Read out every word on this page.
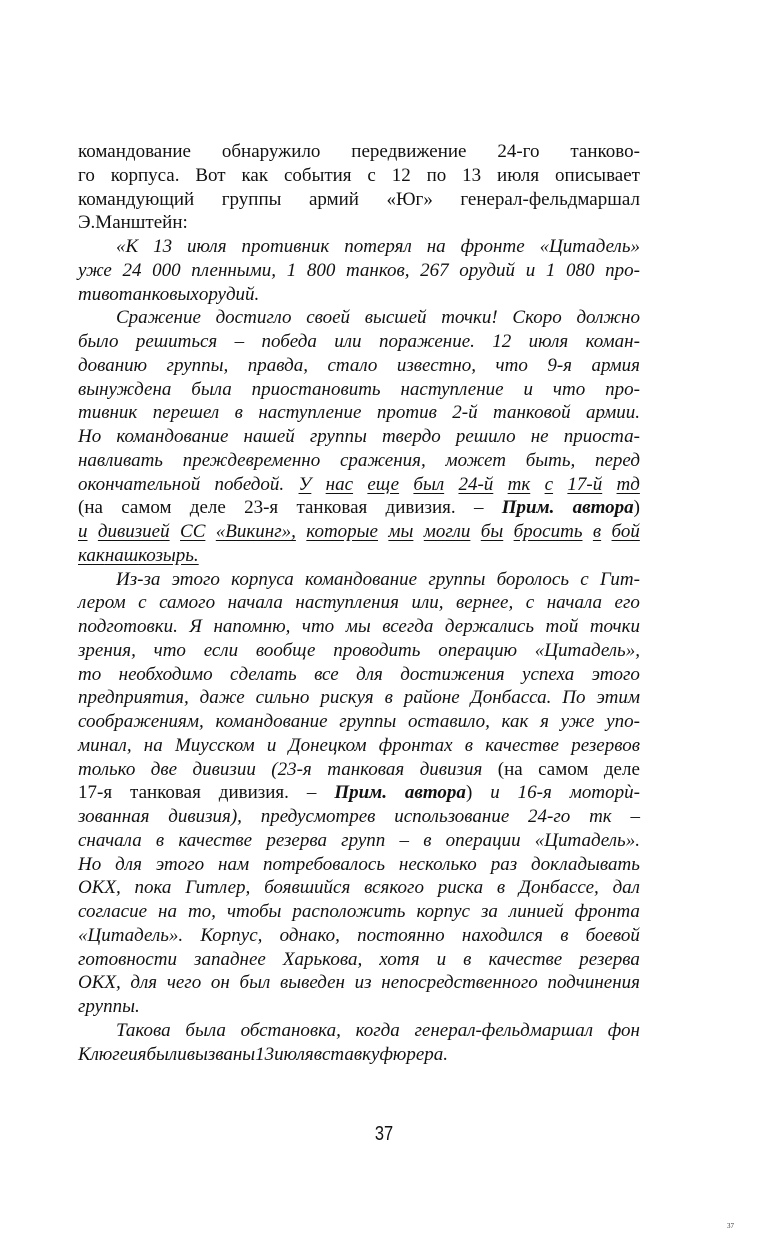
командование обнаружило передвижение 24-го танково-
го корпуса. Вот как события с 12 по 13 июля описывает
командующий группы армий «Юг» генерал-фельдмаршал
Э. Манштейн:
«К 13 июля противник потерял на фронте «Цитадель»
уже 24 000 пленными, 1 800 танков, 267 орудий и 1 080 про-
тивотанковых орудий.
Сражение достигло своей высшей точки! Скоро должно
было решиться – победа или поражение. 12 июля коман-
дованию группы, правда, стало известно, что 9-я армия
вынуждена была приостановить наступление и что про-
тивник перешел в наступление против 2-й танковой армии.
Но командование нашей группы твердо решило не приоста-
навливать преждевременно сражения, может быть, перед
окончательной победой. У нас еще был 24-й тк с 17-й тд
(на самом деле 23-я танковая дивизия. – Прим. автора)
и дивизией СС «Викинг», которые мы могли бы бросить в бой
как наш козырь.
Из-за этого корпуса командование группы боролось с Гит-
лером с самого начала наступления или, вернее, с начала его
подготовки. Я напомню, что мы всегда держались той точки
зрения, что если вообще проводить операцию «Цитадель»,
то необходимо сделать все для достижения успеха этого
предприятия, даже сильно рискуя в районе Донбасса. По этим
соображениям, командование группы оставило, как я уже упо-
минал, на Миусском и Донецком фронтах в качестве резервов
только две дивизии (23-я танковая дивизия (на самом деле
17-я танковая дивизия. – Прим. автора) и 16-я моторѝ-
зованная дивизия), предусмотрев использование 24-го тк –
сначала в качестве резерва групп – в операции «Цитадель».
Но для этого нам потребовалось несколько раз докладывать
ОКХ, пока Гитлер, боявшийся всякого риска в Донбассе, дал
согласие на то, чтобы расположить корпус за линией фронта
«Цитадель». Корпус, однако, постоянно находился в боевой
готовности западнее Харькова, хотя и в качестве резерва
ОКХ, для чего он был выведен из непосредственного подчинения
группы.
Такова была обстановка, когда генерал-фельдмаршал фон
Клюге и я были вызваны 13 июля в ставку фюрера.
37
37
